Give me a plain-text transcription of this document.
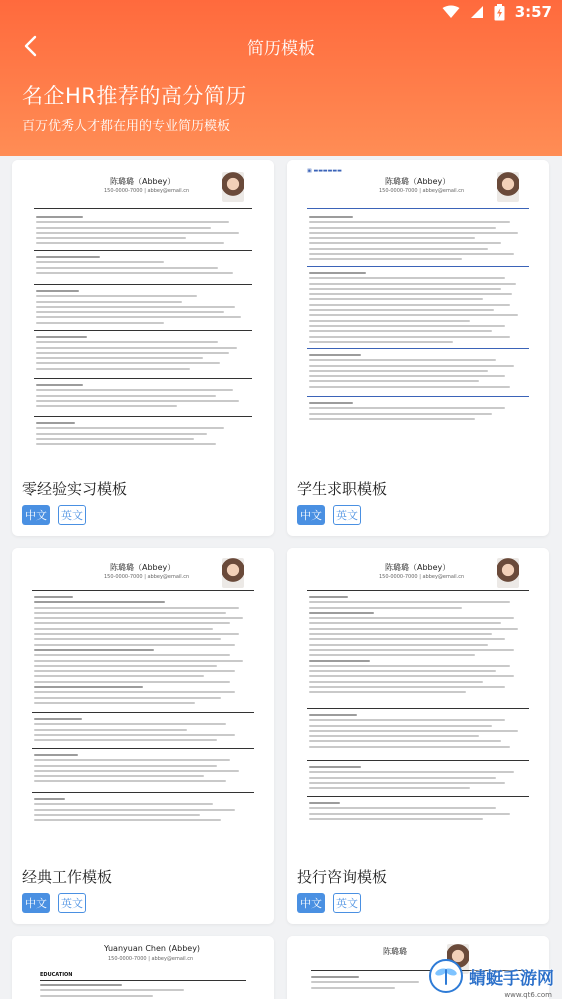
3:57
简历模板
名企HR推荐的高分简历
百万优秀人才都在用的专业简历模板
陈璐璐（Abbey）
150-0000-7000 | abbey@email.cn
零经验实习模板
中文 英文
▣ ▬▬▬▬▬▬
陈璐璐（Abbey）
150-0000-7000 | abbey@email.cn
学生求职模板
中文 英文
陈璐璐（Abbey）
150-0000-7000 | abbey@email.cn
经典工作模板
中文 英文
陈璐璐（Abbey）
150-0000-7000 | abbey@email.cn
投行咨询模板
中文 英文
Yuanyuan Chen (Abbey)
150-0000-7000 | abbey@email.cn
EDUCATION
陈璐璐
蜻蜓手游网
www.qt6.com
